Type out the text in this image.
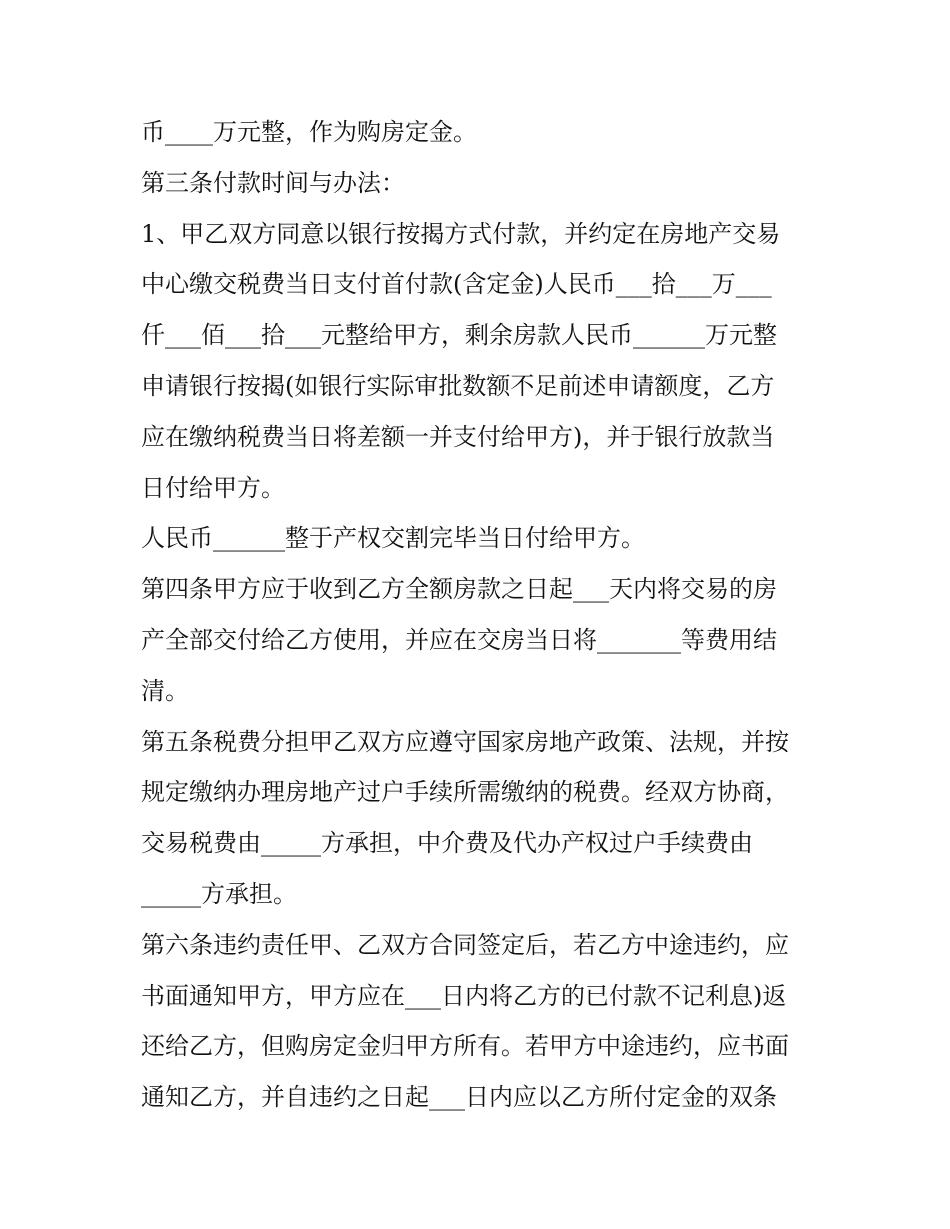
币____万元整，作为购房定金。
第三条付款时间与办法：
1、甲乙双方同意以银行按揭方式付款，并约定在房地产交易
中心缴交税费当日支付首付款(含定金)人民币___拾___万___
仟___佰___拾___元整给甲方，剩余房款人民币______万元整
申请银行按揭(如银行实际审批数额不足前述申请额度，乙方
应在缴纳税费当日将差额一并支付给甲方)，并于银行放款当
日付给甲方。
人民币______整于产权交割完毕当日付给甲方。
第四条甲方应于收到乙方全额房款之日起___天内将交易的房
产全部交付给乙方使用，并应在交房当日将_______等费用结
清。
第五条税费分担甲乙双方应遵守国家房地产政策、法规，并按
规定缴纳办理房地产过户手续所需缴纳的税费。经双方协商，
交易税费由_____方承担，中介费及代办产权过户手续费由
_____方承担。
第六条违约责任甲、乙双方合同签定后，若乙方中途违约，应
书面通知甲方，甲方应在___日内将乙方的已付款不记利息)返
还给乙方，但购房定金归甲方所有。若甲方中途违约，应书面
通知乙方，并自违约之日起___日内应以乙方所付定金的双条
